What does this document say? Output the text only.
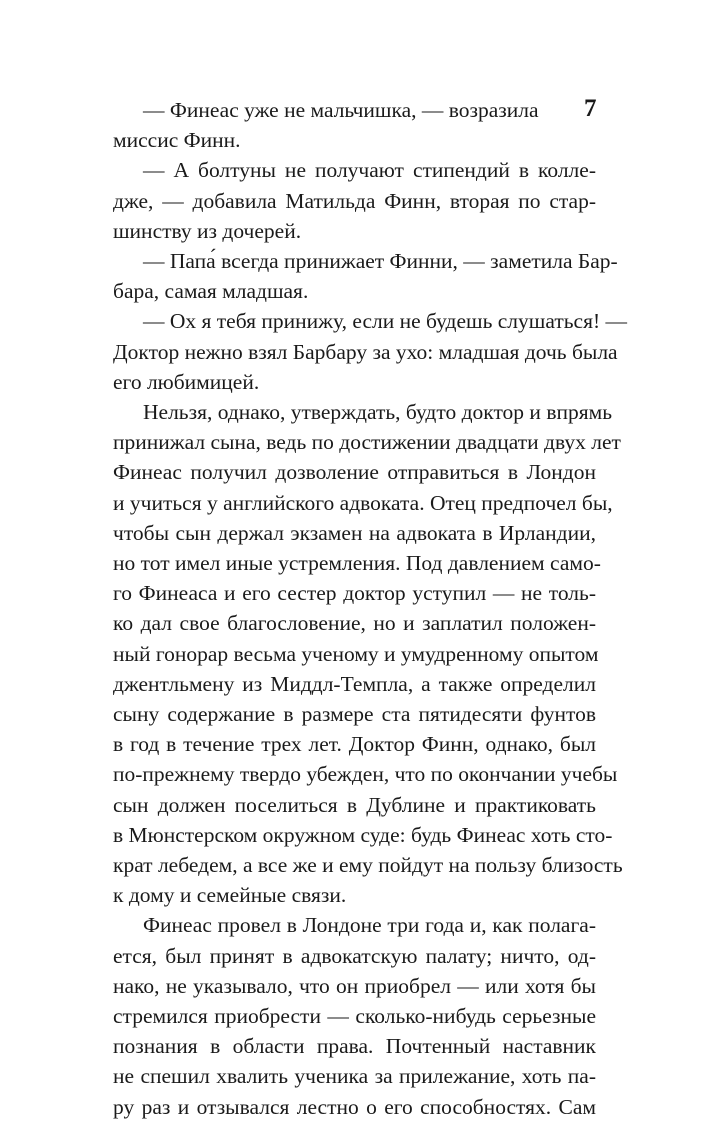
7
— Финеас уже не мальчишка, — возразила
миссис Финн.
— А болтуны не получают стипендий в колле-
дже, — добавила Матильда Финн, вторая по стар-
шинству из дочерей.
— Папа́ всегда принижает Финни, — заметила Бар-
бара, самая младшая.
— Ох я тебя принижу, если не будешь слушаться! —
Доктор нежно взял Барбару за ухо: младшая дочь была
его любимицей.
Нельзя, однако, утверждать, будто доктор и впрямь
принижал сына, ведь по достижении двадцати двух лет
Финеас получил дозволение отправиться в Лондон
и учиться у английского адвоката. Отец предпочел бы,
чтобы сын держал экзамен на адвоката в Ирландии,
но тот имел иные устремления. Под давлением само-
го Финеаса и его сестер доктор уступил — не толь-
ко дал свое благословение, но и заплатил положен-
ный гонорар весьма ученому и умудренному опытом
джентльмену из Миддл-Темпла, а также определил
сыну содержание в размере ста пятидесяти фунтов
в год в течение трех лет. Доктор Финн, однако, был
по-прежнему твердо убежден, что по окончании учебы
сын должен поселиться в Дублине и практиковать
в Мюнстерском окружном суде: будь Финеас хоть сто-
крат лебедем, а все же и ему пойдут на пользу близость
к дому и семейные связи.
Финеас провел в Лондоне три года и, как полага-
ется, был принят в адвокатскую палату; ничто, од-
нако, не указывало, что он приобрел — или хотя бы
стремился приобрести — сколько-нибудь серьезные
познания в области права. Почтенный наставник
не спешил хвалить ученика за прилежание, хоть па-
ру раз и отзывался лестно о его способностях. Сам
